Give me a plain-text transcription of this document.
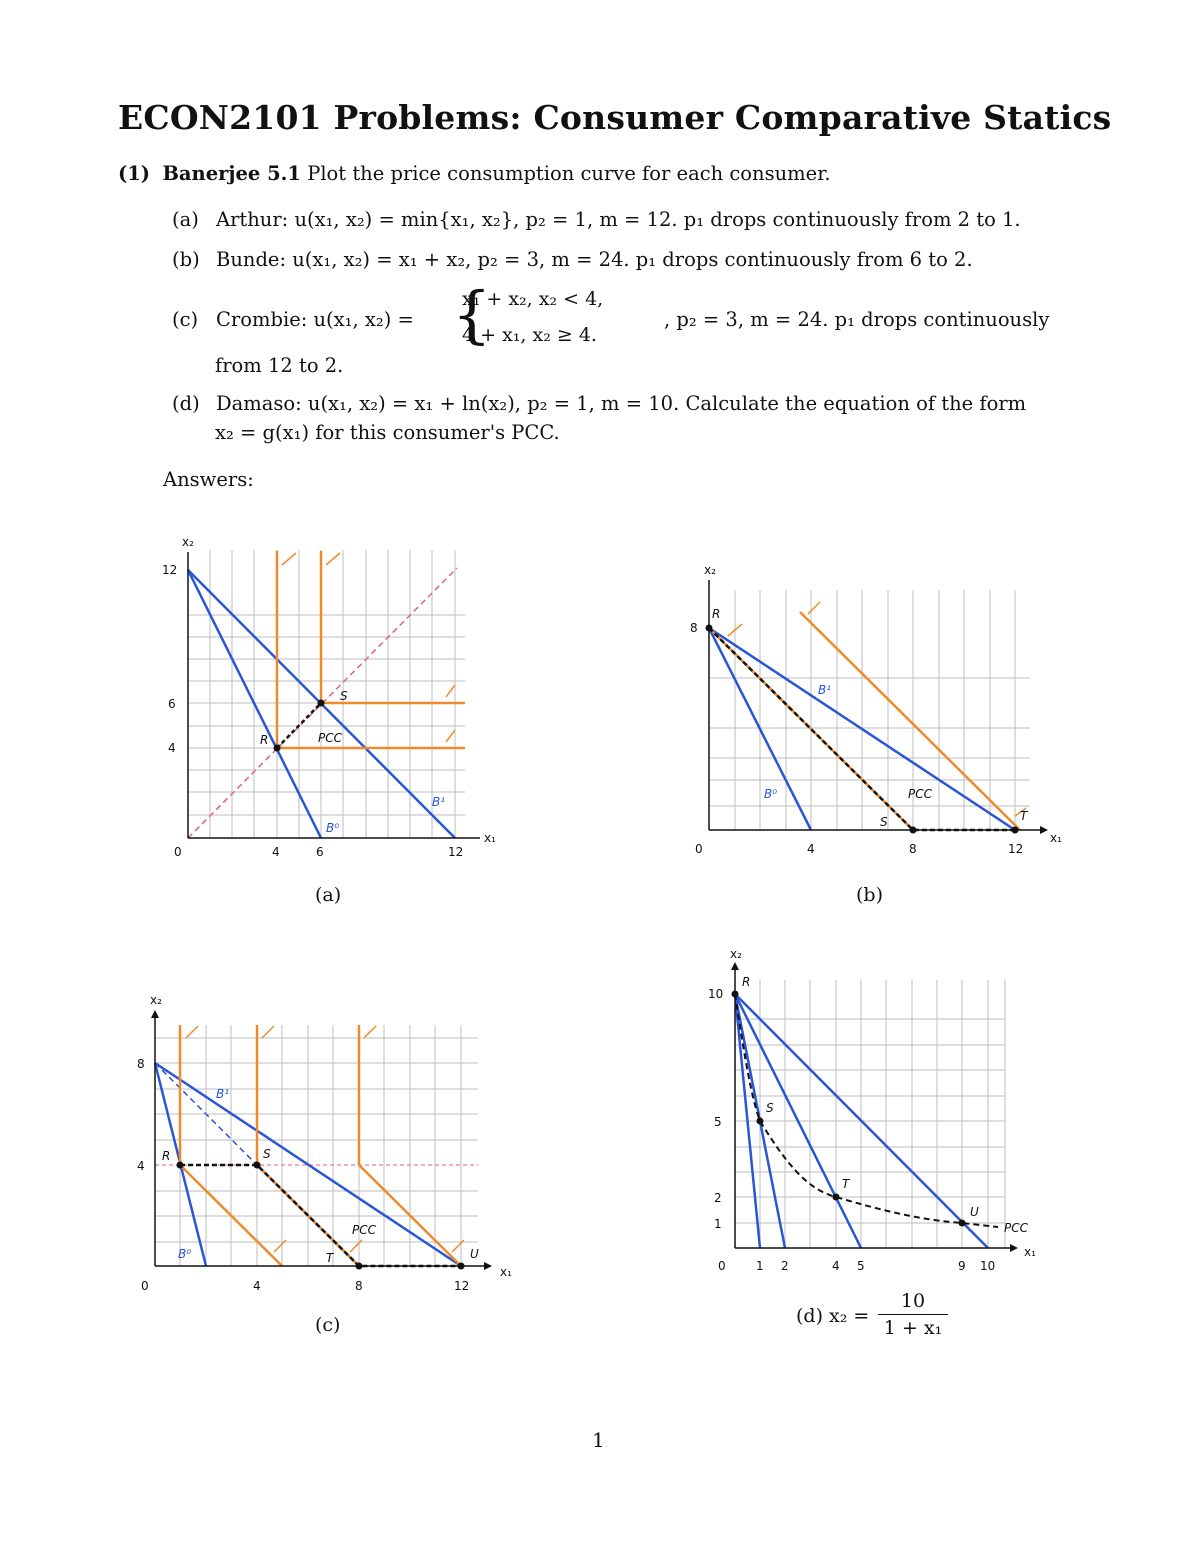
ECON2101 Problems: Consumer Comparative Statics
(1) Banerjee 5.1 Plot the price consumption curve for each consumer.
(a) Arthur: u(x₁, x₂) = min{x₁, x₂}, p₂ = 1, m = 12. p₁ drops continuously from 2 to 1.
(b) Bunde: u(x₁, x₂) = x₁ + x₂, p₂ = 3, m = 24. p₁ drops continuously from 6 to 2.
(c) Crombie: u(x₁, x₂) = {
x₁ + x₂, x₂ < 4,
4 + x₁, x₂ ≥ 4.
, p₂ = 3, m = 24. p₁ drops continuously
from 12 to 2.
(d) Damaso: u(x₁, x₂) = x₁ + ln(x₂), p₂ = 1, m = 10. Calculate the equation of the form
x₂ = g(x₁) for this consumer's PCC.
Answers:
x₂
x₁
0	4	6	12
12
6
4
R
S
PCC
B⁰
B¹
x₂
x₁
0	4	8	12
8
R
S	T
PCC
B⁰
B¹
(a)	(b)
x₂
x₁
0	4	8	12
8
4
R	S
T	U
PCC
B⁰
B¹
x₂
x₁
0	1 2	4 5	9 10
10
5
2
1
R
S
T
U
PCC
(c)	(d) x₂ =
10
1 + x₁
1
